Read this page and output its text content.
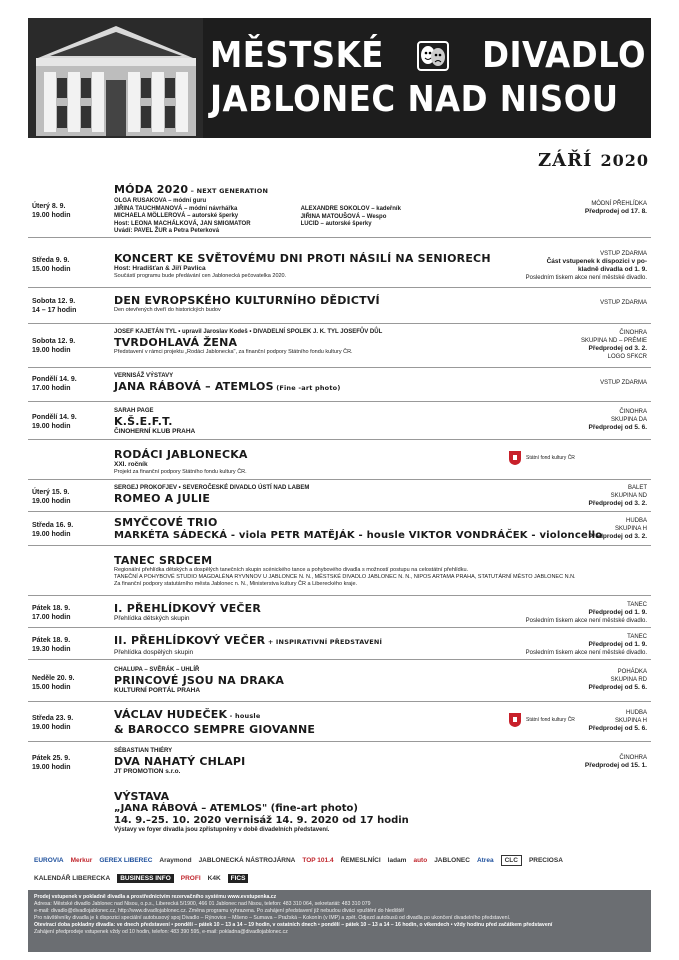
MĚSTSKÉ	DIVADLO
JABLONEC NAD NISOU
ZÁŘÍ 2020
Úterý 8. 9.
19.00 hodin
MÓDA 2020 – NEXT GENERATION
OLGA RUSAKOVA – módní guru
JIŘINA TAUCHMANOVÁ – módní návrhářka
MICHAELA MÖLLEROVÁ – autorské šperky
Host: LEONA MACHÁLKOVÁ, JAN SMIGMATOR
Uvádí: PAVEL ŽUR a Petra Peterková
ALEXANDRE SOKOLOV – kadeřník
JIŘINA MATOUŠOVÁ – Wespo
LUCID – autorské šperky
MÓDNÍ PŘEHLÍDKA
Předprodej od 17. 8.
Středa 9. 9.
15.00 hodin
KONCERT KE SVĚTOVÉMU DNI PROTI NÁSILÍ NA SENIORECH
Host: Hradišťan & Jiří Pavlica
Součástí programu bude předávání cen Jablonecká pečovatelka 2020.
VSTUP ZDARMA
Část vstupenek k dispozici v po-
kladně divadla od 1. 9.
Posledním tiskem akce není městské divadlo.
Sobota 12. 9.
14 – 17 hodin
DEN EVROPSKÉHO KULTURNÍHO DĚDICTVÍ
Den otevřených dveří do historických budov
VSTUP ZDARMA
Sobota 12. 9.
19.00 hodin
JOSEF KAJETÁN TYL • upravil Jaroslav Kodeš • DIVADELNÍ SPOLEK J. K. TYL JOSEFŮV DŮL
TVRDOHLAVÁ ŽENA
Představení v rámci projektu „Rodáci Jablonecka", za finanční podpory Státního fondu kultury ČR.
ČINOHRA
SKUPINA ND – PRÉMIE
Předprodej od 3. 2.
LOGO SFKCR
Pondělí 14. 9.
17.00 hodin
VERNISÁŽ VÝSTAVY
JANA RÁBOVÁ – ATEMLOS (Fine -art photo)
VSTUP ZDARMA
Pondělí 14. 9.
19.00 hodin
SARAH PAGE
K.Š.E.F.T.
ČINOHERNÍ KLUB PRAHA
ČINOHRA
SKUPINA DA
Předprodej od 5. 6.
RODÁCI JABLONECKA
XXI. ročník
Projekt za finanční podpory Státního fondu kultury ČR.
Státní fond kultury ČR
Úterý 15. 9.
19.00 hodin
SERGEJ PROKOFJEV • SEVEROČESKÉ DIVADLO ÚSTÍ NAD LABEM
ROMEO A JULIE
BALET
SKUPINA ND
Předprodej od 3. 2.
Středa 16. 9.
19.00 hodin
SMYČCOVÉ TRIO
MARKÉTA SÁDECKÁ - viola PETR MATĚJÁK - housle VIKTOR VONDRÁČEK - violoncello
HUDBA
SKUPINA H
Předprodej od 3. 2.
TANEC SRDCEM
Regionální přehlídka dětských a dospělých tanečních skupin scénického tance a pohybového divadla s možností postupu na celostátní přehlídku.
TANEČNÍ A POHYBOVÉ STUDIO MAGDALÉNA RYVNNOV U JABLONCE N. N., MĚSTSKÉ DIVADLO JABLONEC N. N., NIPOS ARTAMA PRAHA, STATUTÁRNÍ MĚSTO JABLONEC N.N.
Za finanční podpory statutárního města Jablonec n. N., Ministerstva kultury ČR a Libereckého kraje.
Pátek 18. 9.
17.00 hodin
I. PŘEHLÍDKOVÝ VEČER
Přehlídka dětských skupin
TANEC
Předprodej od 1. 9.
Posledním tiskem akce není městské divadlo.
Pátek 18. 9.
19.30 hodin
II. PŘEHLÍDKOVÝ VEČER + INSPIRATIVNÍ PŘEDSTAVENÍ
Přehlídka dospělých skupin
TANEC
Předprodej od 1. 9.
Posledním tiskem akce není městské divadlo.
Neděle 20. 9.
15.00 hodin
CHALUPA – SVĚRÁK – UHLÍŘ
PRINCOVÉ JSOU NA DRAKA
KULTURNÍ PORTÁL PRAHA
POHÁDKA
SKUPINA RD
Předprodej od 5. 6.
Středa 23. 9.
19.00 hodin
VÁCLAV HUDEČEK - housle
& BAROCCO SEMPRE GIOVANNE
Státní fond kultury ČR
HUDBA
SKUPINA H
Předprodej od 5. 6.
Pátek 25. 9.
19.00 hodin
SÉBASTIAN THIÉRY
DVA NAHATÝ CHLAPI
JT PROMOTION s.r.o.
ČINOHRA
Předprodej od 15. 1.
VÝSTAVA
„JANA RÁBOVÁ – ATEMLOS" (fine-art photo)
14. 9.–25. 10. 2020 vernisáž 14. 9. 2020 od 17 hodin
Výstavy ve foyer divadla jsou zpřístupněny v době divadelních představení.
EUROVIA Merkur GEREX LIBEREC Araymond JABLONECKÁ NÁSTROJÁRNA TOP 101.4 ŘEMESLNÍCI ladam auto JABLONEC Atrea	CLC	PRECIOSA
KALENDÁŘ LIBERECKA	BUSINESS INFO	PROFI K4K	FICS

Prodej vstupenek v pokladně divadla a prostřednictvím rezervačního systému www.evstupenka.cz

Adresa: Městské divadlo Jablonec nad Nisou, o.p.s., Liberecká 5/1900, 466 01 Jablonec nad Nisou, telefon: 483 310 064, sekretariát: 483 310 079

e-mail: divadlo@divadlojablonec.cz, http://www.divadlojablonec.cz. Změna programu vyhrazena. Po zahájení představení již nebudou diváci vpuštění do hlediště!

Pro návštěvníky divadla je k dispozici speciální autobusový spoj Divadlo – Rýnovice – Mšeno – Šumava – Pražská – Kokonín (v IMP) a zpět. Odjezd autobusů od divadla po ukončení divadelního představení.

Otevírací doba pokladny divadla: ve dnech představení • pondělí – pátek 10 – 13 a 14 – 19 hodin, v ostatních dnech • pondělí – pátek 10 – 13 a 14 – 16 hodin, o víkendech • vždy hodinu před začátkem představení

Zahájení předprodeje vstupenek vždy od 10 hodin, telefon: 483 390 595, e-mail: pokladna@divadlojablonec.cz
